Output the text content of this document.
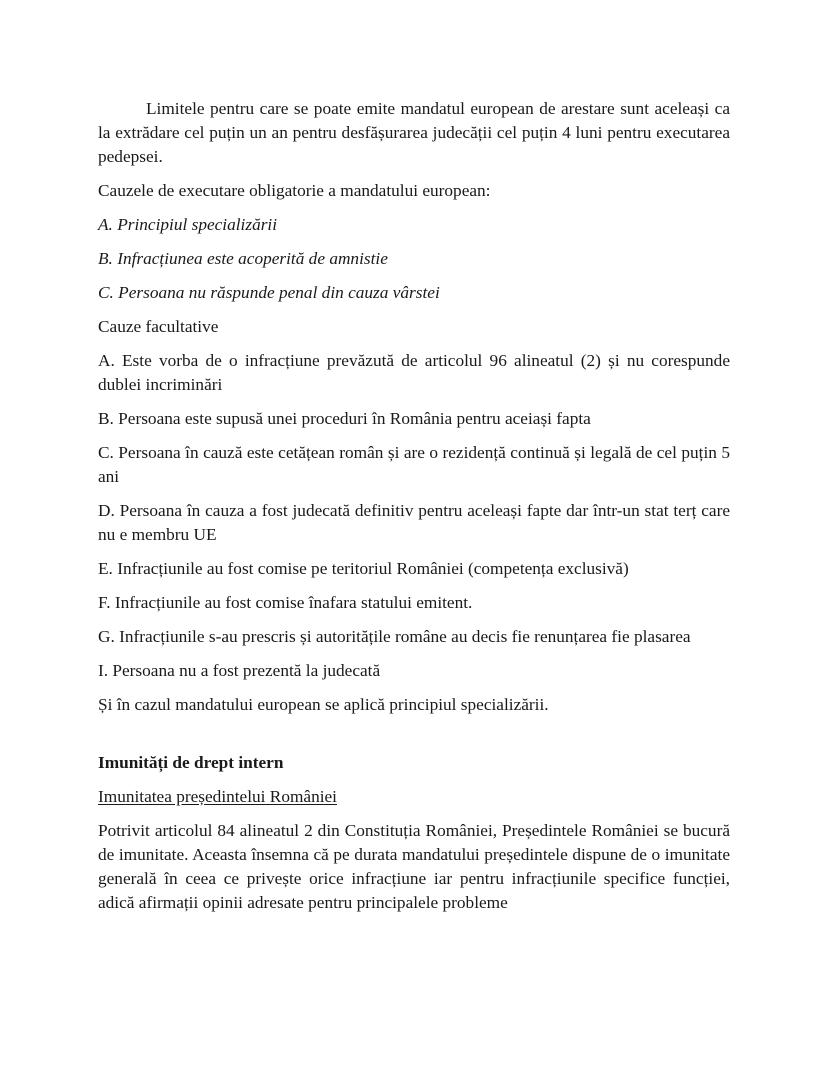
Limitele pentru care se poate emite mandatul european de arestare sunt aceleași ca la extrădare cel puțin un an pentru desfășurarea judecății cel puțin 4 luni pentru executarea pedepsei.

Cauzele de executare obligatorie a mandatului european:

A. Principiul specializării

B. Infracțiunea este acoperită de amnistie

C. Persoana nu răspunde penal din cauza vârstei

Cauze facultative

A. Este vorba de o infracțiune prevăzută de articolul 96 alineatul (2) și nu corespunde dublei incriminări

B. Persoana este supusă unei proceduri în România pentru aceiași fapta

C. Persoana în cauză este cetățean român și are o rezidență continuă și legală de cel puțin 5 ani

D. Persoana în cauza a fost judecată definitiv pentru aceleași fapte dar într-un stat terț care nu e membru UE

E. Infracțiunile au fost comise pe teritoriul României (competența exclusivă)

F. Infracțiunile au fost comise înafara statului emitent.

G. Infracțiunile s-au prescris și autoritățile române au decis fie renunțarea fie plasarea

I. Persoana nu a fost prezentă la judecată

Și în cazul mandatului european se aplică principiul specializării.

Imunități de drept intern

Imunitatea președintelui României

Potrivit articolul 84 alineatul 2 din Constituția României, Președintele României se bucură de imunitate. Aceasta însemna că pe durata mandatului președintele dispune de o imunitate generală în ceea ce privește orice infracțiune iar pentru infracțiunile specifice funcției, adică afirmații opinii adresate pentru principalele probleme
